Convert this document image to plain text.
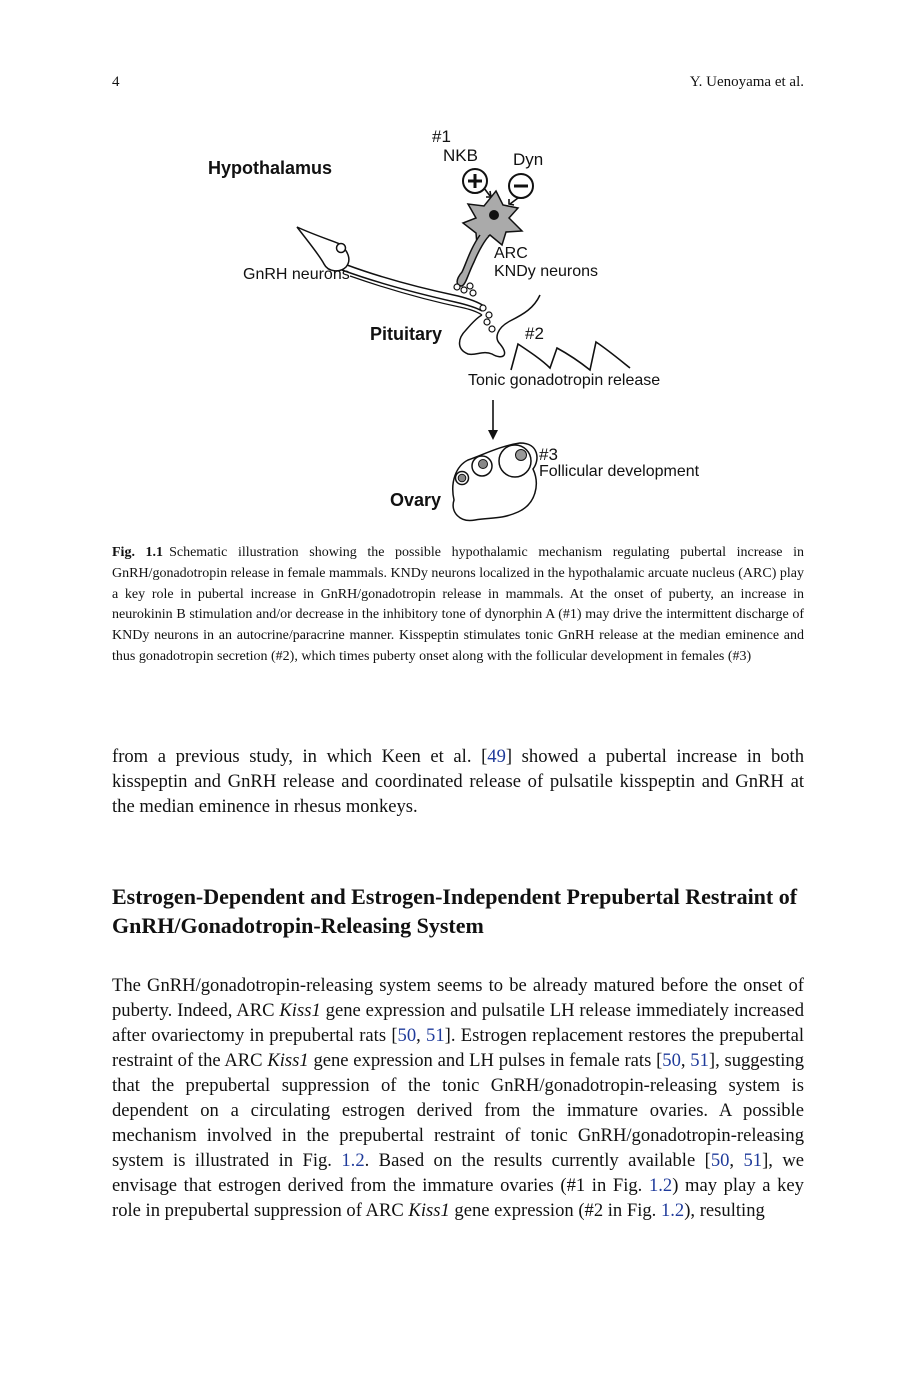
4	Y. Uenoyama et al.
Hypothalamus
#1
NKB Dyn
ARC
KNDy neurons
GnRH neurons
Pituitary	#2
Tonic gonadotropin release
#3
Follicular development
Ovary
Fig. 1.1 Schematic illustration showing the possible hypothalamic mechanism regulating pubertal increase in GnRH/gonadotropin release in female mammals. KNDy neurons localized in the hypothalamic arcuate nucleus (ARC) play a key role in pubertal increase in GnRH/gonadotropin release in mammals. At the onset of puberty, an increase in neurokinin B stimulation and/or decrease in the inhibitory tone of dynorphin A (#1) may drive the intermittent discharge of KNDy neurons in an autocrine/paracrine manner. Kisspeptin stimulates tonic GnRH release at the median eminence and thus gonadotropin secretion (#2), which times puberty onset along with the follicular development in females (#3)
from a previous study, in which Keen et al. [49] showed a pubertal increase in both kisspeptin and GnRH release and coordinated release of pulsatile kisspeptin and GnRH at the median eminence in rhesus monkeys.
Estrogen-Dependent and Estrogen-Independent Prepubertal Restraint of GnRH/Gonadotropin-Releasing System
The GnRH/gonadotropin-releasing system seems to be already matured before the onset of puberty. Indeed, ARC Kiss1 gene expression and pulsatile LH release immediately increased after ovariectomy in prepubertal rats [50, 51]. Estrogen replacement restores the prepubertal restraint of the ARC Kiss1 gene expression and LH pulses in female rats [50, 51], suggesting that the prepubertal suppression of the tonic GnRH/gonadotropin-releasing system is dependent on a circulating estrogen derived from the immature ovaries. A possible mechanism involved in the prepubertal restraint of tonic GnRH/gonadotropin-releasing system is illustrated in Fig. 1.2. Based on the results currently available [50, 51], we envisage that estrogen derived from the immature ovaries (#1 in Fig. 1.2) may play a key role in prepubertal suppression of ARC Kiss1 gene expression (#2 in Fig. 1.2), resulting
